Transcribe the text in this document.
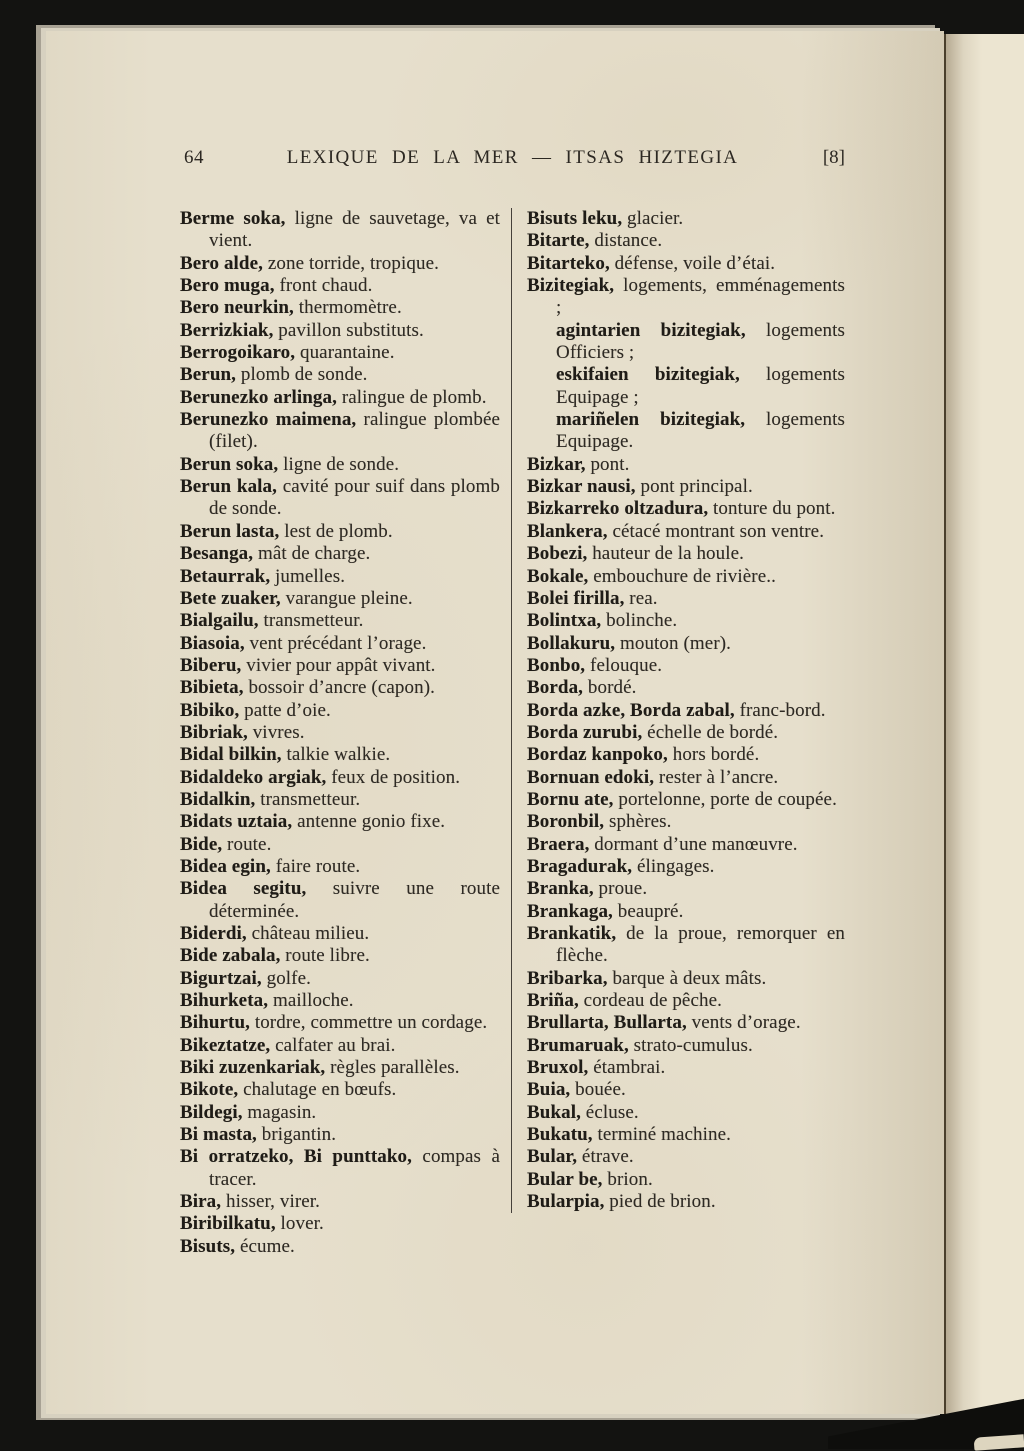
64	LEXIQUE DE LA MER — ITSAS HIZTEGIA	[8]

Berme soka, ligne de sauvetage, va et vient.

Bero alde, zone torride, tropique.

Bero muga, front chaud.

Bero neurkin, thermomètre.

Berrizkiak, pavillon substituts.

Berrogoikaro, quarantaine.

Berun, plomb de sonde.

Berunezko arlinga, ralingue de plomb.

Berunezko maimena, ralingue plombée (filet).

Berun soka, ligne de sonde.

Berun kala, cavité pour suif dans plomb de sonde.

Berun lasta, lest de plomb.

Besanga, mât de charge.

Betaurrak, jumelles.

Bete zuaker, varangue pleine.

Bialgailu, transmetteur.

Biasoia, vent précédant l’orage.

Biberu, vivier pour appât vivant.

Bibieta, bossoir d’ancre (capon).

Bibiko, patte d’oie.

Bibriak, vivres.

Bidal bilkin, talkie walkie.

Bidaldeko argiak, feux de position.

Bidalkin, transmetteur.

Bidats uztaia, antenne gonio fixe.

Bide, route.

Bidea egin, faire route.

Bidea segitu, suivre une route déterminée.

Biderdi, château milieu.

Bide zabala, route libre.

Bigurtzai, golfe.

Bihurketa, mailloche.

Bihurtu, tordre, commettre un cordage.

Bikeztatze, calfater au brai.

Biki zuzenkariak, règles parallèles.

Bikote, chalutage en bœufs.

Bildegi, magasin.

Bi masta, brigantin.

Bi orratzeko, Bi punttako, compas à tracer.

Bira, hisser, virer.

Biribilkatu, lover.

Bisuts, écume.

Bisuts leku, glacier.

Bitarte, distance.

Bitarteko, défense, voile d’étai.

Bizitegiak, logements, emménagements ;

agintarien bizitegiak, logements Officiers ;

eskifaien bizitegiak, logements Equipage ;

mariñelen bizitegiak, logements Equipage.

Bizkar, pont.

Bizkar nausi, pont principal.

Bizkarreko oltzadura, tonture du pont.

Blankera, cétacé montrant son ventre.

Bobezi, hauteur de la houle.

Bokale, embouchure de rivière..

Bolei firilla, rea.

Bolintxa, bolinche.

Bollakuru, mouton (mer).

Bonbo, felouque.

Borda, bordé.

Borda azke, Borda zabal, franc-bord.

Borda zurubi, échelle de bordé.

Bordaz kanpoko, hors bordé.

Bornuan edoki, rester à l’ancre.

Bornu ate, portelonne, porte de coupée.

Boronbil, sphères.

Braera, dormant d’une manœuvre.

Bragadurak, élingages.

Branka, proue.

Brankaga, beaupré.

Brankatik, de la proue, remorquer en flèche.

Bribarka, barque à deux mâts.

Briña, cordeau de pêche.

Brullarta, Bullarta, vents d’orage.

Brumaruak, strato-cumulus.

Bruxol, étambrai.

Buia, bouée.

Bukal, écluse.

Bukatu, terminé machine.

Bular, étrave.

Bular be, brion.

Bularpia, pied de brion.
